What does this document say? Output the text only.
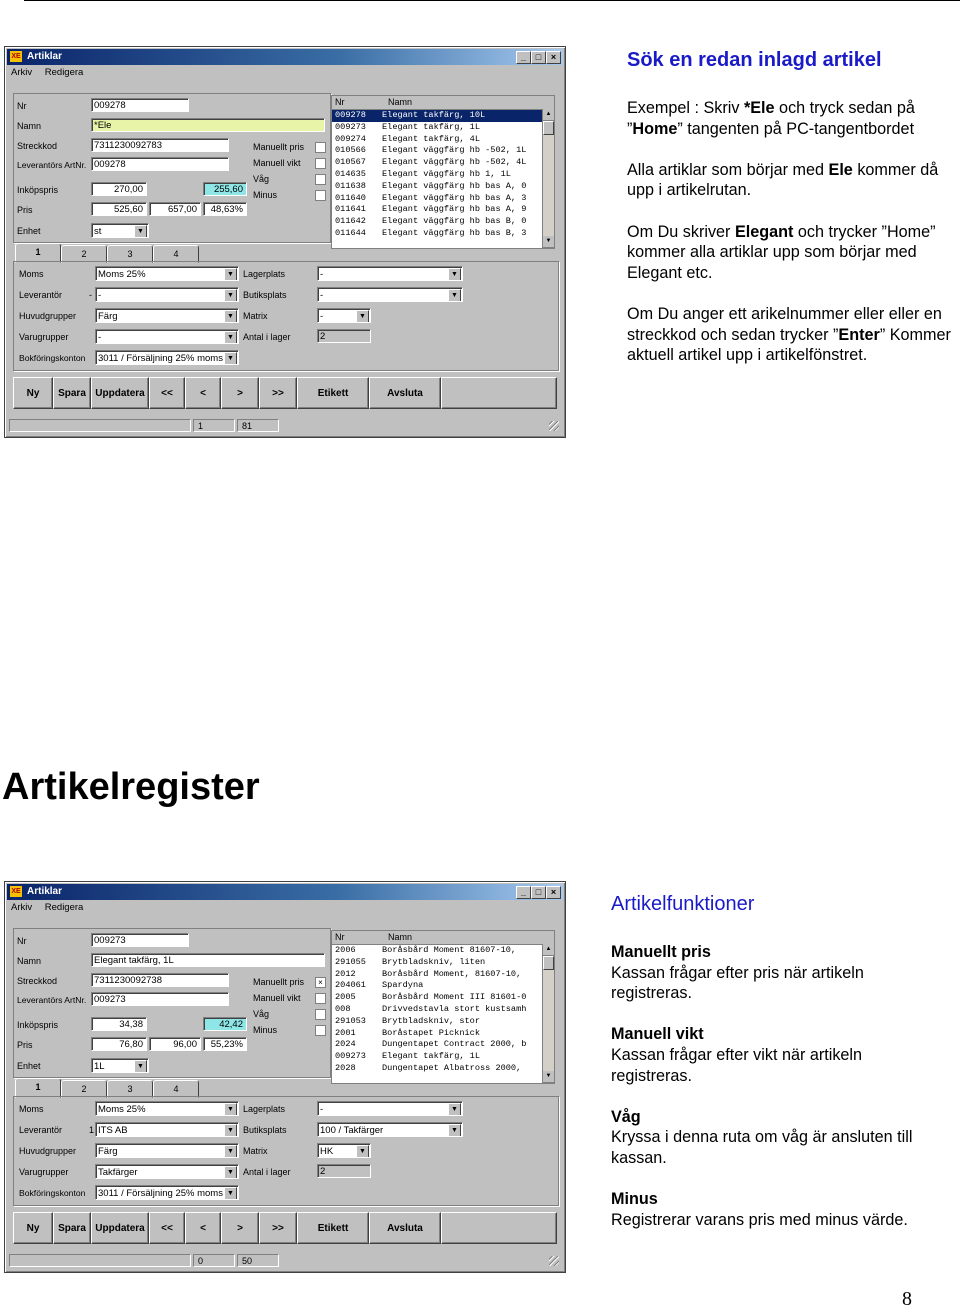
XE Artiklar	_	□	×
Arkiv Redigera
Nr	009278
Namn	*Ele
Streckkod	7311230092783
Leverantörs ArtNr. 009278
Inköpspris	270,00	255,60
Pris	525,60	657,00	48,63%
Enhet	st	▼
Manuellt pris
Manuell vikt
Våg
Minus
Nr	Namn
009278 Elegant takfärg, 10L
009273 Elegant takfärg, 1L
009274 Elegant takfärg, 4L
010566 Elegant väggfärg hb -502, 1L
010567 Elegant väggfärg hb -502, 4L
014635 Elegant väggfärg hb 1, 1L
011638 Elegant väggfärg hb bas A, 0
011640 Elegant väggfärg hb bas A, 3
011641 Elegant väggfärg hb bas A, 9
011642 Elegant väggfärg hb bas B, 0
011644 Elegant väggfärg hb bas B, 3
▲
▼
1	2	3	4
Moms	Moms 25%	▼
Leverantör	- -	▼
Huvudgrupper	Färg	▼
Varugrupper	-	▼
Bokföringskonton	3011 / Försäljning 25% moms ▼
Lagerplats	-	▼
Butiksplats	-	▼
Matrix	-	▼
Antal i lager	2
Ny	Spara Uppdatera	<<	<	>	>>	Etikett	Avsluta
1	81
Sök en redan inlagd artikel

Exempel : Skriv *Ele och tryck sedan på ”Home” tangenten på PC-tangentbordet

Alla artiklar som börjar med Ele kommer då upp i artikelrutan.

Om Du skriver Elegant och trycker ”Home” kommer alla artiklar upp som börjar med Elegant etc.

Om Du anger ett arikelnummer eller eller en streckkod och sedan trycker ”Enter” Kommer aktuell artikel upp i artikelfönstret.

Artikelregister
XE Artiklar	_	□	×
Arkiv Redigera
Nr	009273
Namn	Elegant takfärg, 1L
Streckkod	7311230092738
Leverantörs ArtNr. 009273
Inköpspris	34,38	42,42
Pris	76,80	96,00	55,23%
Enhet	1L	▼
Manuellt pris	×
Manuell vikt
Våg
Minus
Nr	Namn
2006	Boråsbård Moment 81607-10,
291055 Brytbladskniv, liten
2012	Boråsbård Moment, 81607-10,
204061 Spardyna
2005	Boråsbård Moment III 81601-0
008	Drivvedstavla stort kustsamh
291053 Brytbladskniv, stor
2001	Boråstapet Picknick
2024	Dungentapet Contract 2000, b
009273 Elegant takfärg, 1L
2028	Dungentapet Albatross 2000,
▲
▼
1	2	3	4
Moms	Moms 25%	▼
Leverantör	1 ITS AB	▼
Huvudgrupper	Färg	▼
Varugrupper	Takfärger	▼
Bokföringskonton	3011 / Försäljning 25% moms ▼
Lagerplats	-	▼
Butiksplats	100 / Takfärger	▼
Matrix	HK	▼
Antal i lager	2
Ny	Spara Uppdatera	<<	<	>	>>	Etikett	Avsluta
0	50
Artikelfunktioner

Manuellt pris
Kassan frågar efter pris när artikeln registreras.

Manuell vikt
Kassan frågar efter vikt när artikeln registreras.

Våg
Kryssa i denna ruta om våg är ansluten till kassan.

Minus
Registrerar varans pris med minus värde.

8
